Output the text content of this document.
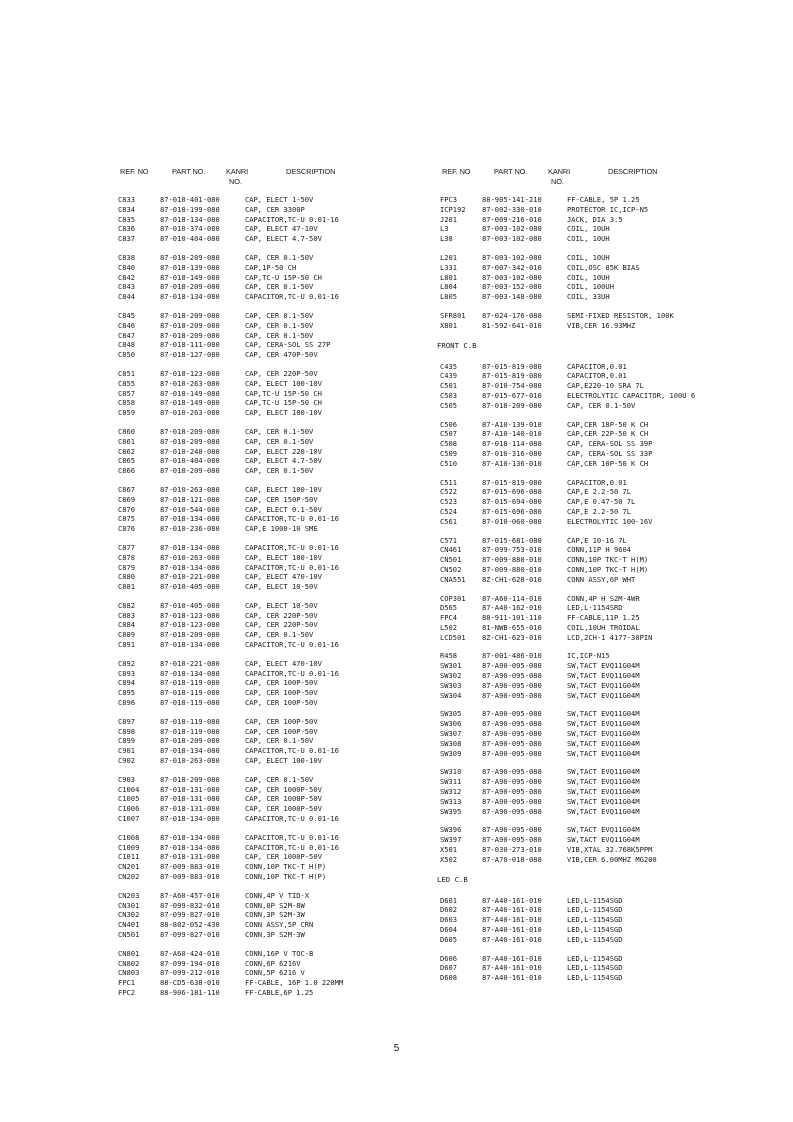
REF. NO	PART NO.	KANRI
NO.
DESCRIPTION
C833	87-010-401-080	CAP, ELECT 1-50V
C834	87-018-199-080	CAP, CER 3300P
C835	87-018-134-080	CAPACITOR,TC-U 0.01-16
C836	87-010-374-080	CAP, ELECT 47-10V
C837	87-010-404-080	CAP, ELECT 4.7-50V
C838	87-018-209-080	CAP, CER 0.1-50V
C840	87-018-139-080	CAP,1P-50 CH
C842	87-018-149-080	CAP,TC-U 15P-50 CH
C843	87-018-209-080	CAP, CER 0.1-50V
C844	87-018-134-080	CAPACITOR,TC-U 0.01-16
C845	87-018-209-080	CAP, CER 0.1-50V
C846	87-018-209-080	CAP, CER 0.1-50V
C847	87-018-209-080	CAP, CER 0.1-50V
C848	87-018-111-080	CAP, CERA-SOL SS 27P
C850	87-018-127-080	CAP, CER 470P-50V
C851	87-018-123-080	CAP, CER 220P-50V
C855	87-010-263-080	CAP, ELECT 100-10V
C857	87-018-149-080	CAP,TC-U 15P-50 CH
C858	87-018-149-080	CAP,TC-U 15P-50 CH
C859	87-010-263-080	CAP, ELECT 100-10V
C860	87-018-209-080	CAP, CER 0.1-50V
C861	87-018-209-080	CAP, CER 0.1-50V
C862	87-010-248-080	CAP, ELECT 220-10V
C865	87-010-404-080	CAP, ELECT 4.7-50V
C866	87-018-209-080	CAP, CER 0.1-50V
C867	87-010-263-080	CAP, ELECT 100-10V
C869	87-018-121-080	CAP, CER 150P-50V
C870	87-010-544-080	CAP, ELECT 0.1-50V
C875	87-018-134-080	CAPACITOR,TC-U 0.01-16
C876	87-010-236-080	CAP,E 1000-10 SME
C877	87-018-134-080	CAPACITOR,TC-U 0.01-16
C878	87-010-263-080	CAP, ELECT 100-10V
C879	87-018-134-080	CAPACITOR,TC-U 0.01-16
C880	87-010-221-080	CAP, ELECT 470-10V
C881	87-010-405-080	CAP, ELECT 10-50V
C882	87-010-405-080	CAP, ELECT 10-50V
C883	87-018-123-080	CAP, CER 220P-50V
C884	87-018-123-080	CAP, CER 220P-50V
C889	87-018-209-080	CAP, CER 0.1-50V
C891	87-018-134-080	CAPACITOR,TC-U 0.01-16
C892	87-010-221-080	CAP, ELECT 470-10V
C893	87-018-134-080	CAPACITOR,TC-U 0.01-16
C894	87-018-119-080	CAP, CER 100P-50V
C895	87-018-119-080	CAP, CER 100P-50V
C896	87-018-119-080	CAP, CER 100P-50V
C897	87-018-119-080	CAP, CER 100P-50V
C898	87-018-119-080	CAP, CER 100P-50V
C899	87-018-209-080	CAP, CER 0.1-50V
C901	87-018-134-080	CAPACITOR,TC-U 0.01-16
C902	87-010-263-080	CAP, ELECT 100-10V
C903	87-018-209-080	CAP, CER 0.1-50V
C1004	87-018-131-080	CAP, CER 1000P-50V
C1005	87-018-131-080	CAP, CER 1000P-50V
C1006	87-018-131-080	CAP, CER 1000P-50V
C1007	87-018-134-080	CAPACITOR,TC-U 0.01-16
C1008	87-018-134-080	CAPACITOR,TC-U 0.01-16
C1009	87-018-134-080	CAPACITOR,TC-U 0.01-16
C1011	87-018-131-080	CAP, CER 1000P-50V
CN201	87-009-883-010	CONN,10P TKC-T H(P)
CN202	87-009-883-010	CONN,10P TKC-T H(P)
CN203	87-A60-457-010	CONN,4P V TID-X
CN301	87-099-832-010	CONN,8P S2M-8W
CN302	87-099-827-010	CONN,3P S2M-3W
CN401	88-802-052-430	CONN ASSY,5P CRN
CN501	87-099-827-010	CONN,3P S2M-3W
CN801	87-A60-424-010	CONN,16P V TOC-B
CN802	87-099-194-010	CONN,6P 6216V
CN803	87-099-212-010	CONN,5P 6216 V
FPC1	88-CD5-638-010	FF-CABLE, 16P 1.0 220MM
FPC2	88-906-181-110	FF-CABLE,6P 1.25
REF. NO	PART NO.	KANRI
NO.
DESCRIPTION
FPC3	88-905-141-210	FF-CABLE, 5P 1.25
ICP192	87-002-330-010	PROTECTOR IC,ICP-N5
J201	87-009-216-010	JACK, DIA 3.5
L3	87-003-102-080	COIL, 10UH
L38	87-003-102-080	COIL, 10UH
L201	87-003-102-080	COIL, 10UH
L331	87-007-342-010	COIL,OSC 85K BIAS
L801	87-003-102-080	COIL, 10UH
L804	87-003-152-080	COIL, 100UH
L805	87-003-148-080	COIL, 33UH
SFR801	87-024-176-080	SEMI-FIXED RESISTOR, 100K
X801	81-592-641-010	VIB,CER 16.93MHZ
FRONT C.B
C435	87-015-819-080	CAPACITOR,0.01
C439	87-015-819-080	CAPACITOR,0.01
C501	87-010-754-080	CAP,E220-10 SRA 7L
C503	87-015-677-010	ELECTROLYTIC CAPACITOR, 100U 6
C505	87-018-209-080	CAP, CER 0.1-50V
C506	87-A10-139-010	CAP,CER 18P-50 K CH
C507	87-A10-140-010	CAP,CER 22P-50 K CH
C508	87-018-114-080	CAP, CERA-SOL SS 39P
C509	87-010-316-080	CAP, CERA-SOL SS 33P
C510	87-A10-136-010	CAP,CER 10P-50 K CH
C511	87-015-819-080	CAPACITOR,0.01
C522	87-015-696-080	CAP,E 2.2-50 7L
C523	87-015-694-080	CAP,E 0.47-50 7L
C524	87-015-696-080	CAP,E 2.2-50 7L
C561	87-010-060-080	ELECTROLYTIC 100-16V
C571	87-015-681-080	CAP,E 10-16 7L
CN461	87-099-753-010	CONN,11P H 9604
CN501	87-009-880-010	CONN,10P TKC-T H(M)
CN502	87-009-880-010	CONN,10P TKC-T H(M)
CNA551	8Z-CH1-628-010	CONN ASSY,6P WHT
COP301	87-A60-114-010	CONN,4P H S2M-4WR
D565	87-A40-162-010	LED,L-1154SRD
FPC4	88-911-101-110	FF-CABLE,11P 1.25
L502	81-NWB-655-010	COIL,10UH TROIDAL
LCD501	8Z-CH1-623-010	LCD,2CH-1 4177-30PIN
R458	87-001-486-010	IC,ICP-N15
SW301	87-A90-095-080	SW,TACT EVQ11G04M
SW302	87-A90-095-080	SW,TACT EVQ11G04M
SW303	87-A90-095-080	SW,TACT EVQ11G04M
SW304	87-A90-095-080	SW,TACT EVQ11G04M
SW305	87-A90-095-080	SW,TACT EVQ11G04M
SW306	87-A90-095-080	SW,TACT EVQ11G04M
SW307	87-A90-095-080	SW,TACT EVQ11G04M
SW308	87-A90-095-080	SW,TACT EVQ11G04M
SW309	87-A90-095-080	SW,TACT EVQ11G04M
SW310	87-A90-095-080	SW,TACT EVQ11G04M
SW311	87-A90-095-080	SW,TACT EVQ11G04M
SW312	87-A90-095-080	SW,TACT EVQ11G04M
SW313	87-A90-095-080	SW,TACT EVQ11G04M
SW395	87-A90-095-080	SW,TACT EVQ11G04M
SW396	87-A90-095-080	SW,TACT EVQ11G04M
SW397	87-A90-095-080	SW,TACT EVQ11G04M
X501	87-030-273-010	VIB,XTAL 32.768K5PPM
X502	87-A70-018-080	VIB,CER 6.00MHZ MG200
LED C.B
D601	87-A40-161-010	LED,L-1154SGD
D602	87-A40-161-010	LED,L-1154SGD
D603	87-A40-161-010	LED,L-1154SGD
D604	87-A40-161-010	LED,L-1154SGD
D605	87-A40-161-010	LED,L-1154SGD
D606	87-A40-161-010	LED,L-1154SGD
D607	87-A40-161-010	LED,L-1154SGD
D608	87-A40-161-010	LED,L-1154SGD
5
